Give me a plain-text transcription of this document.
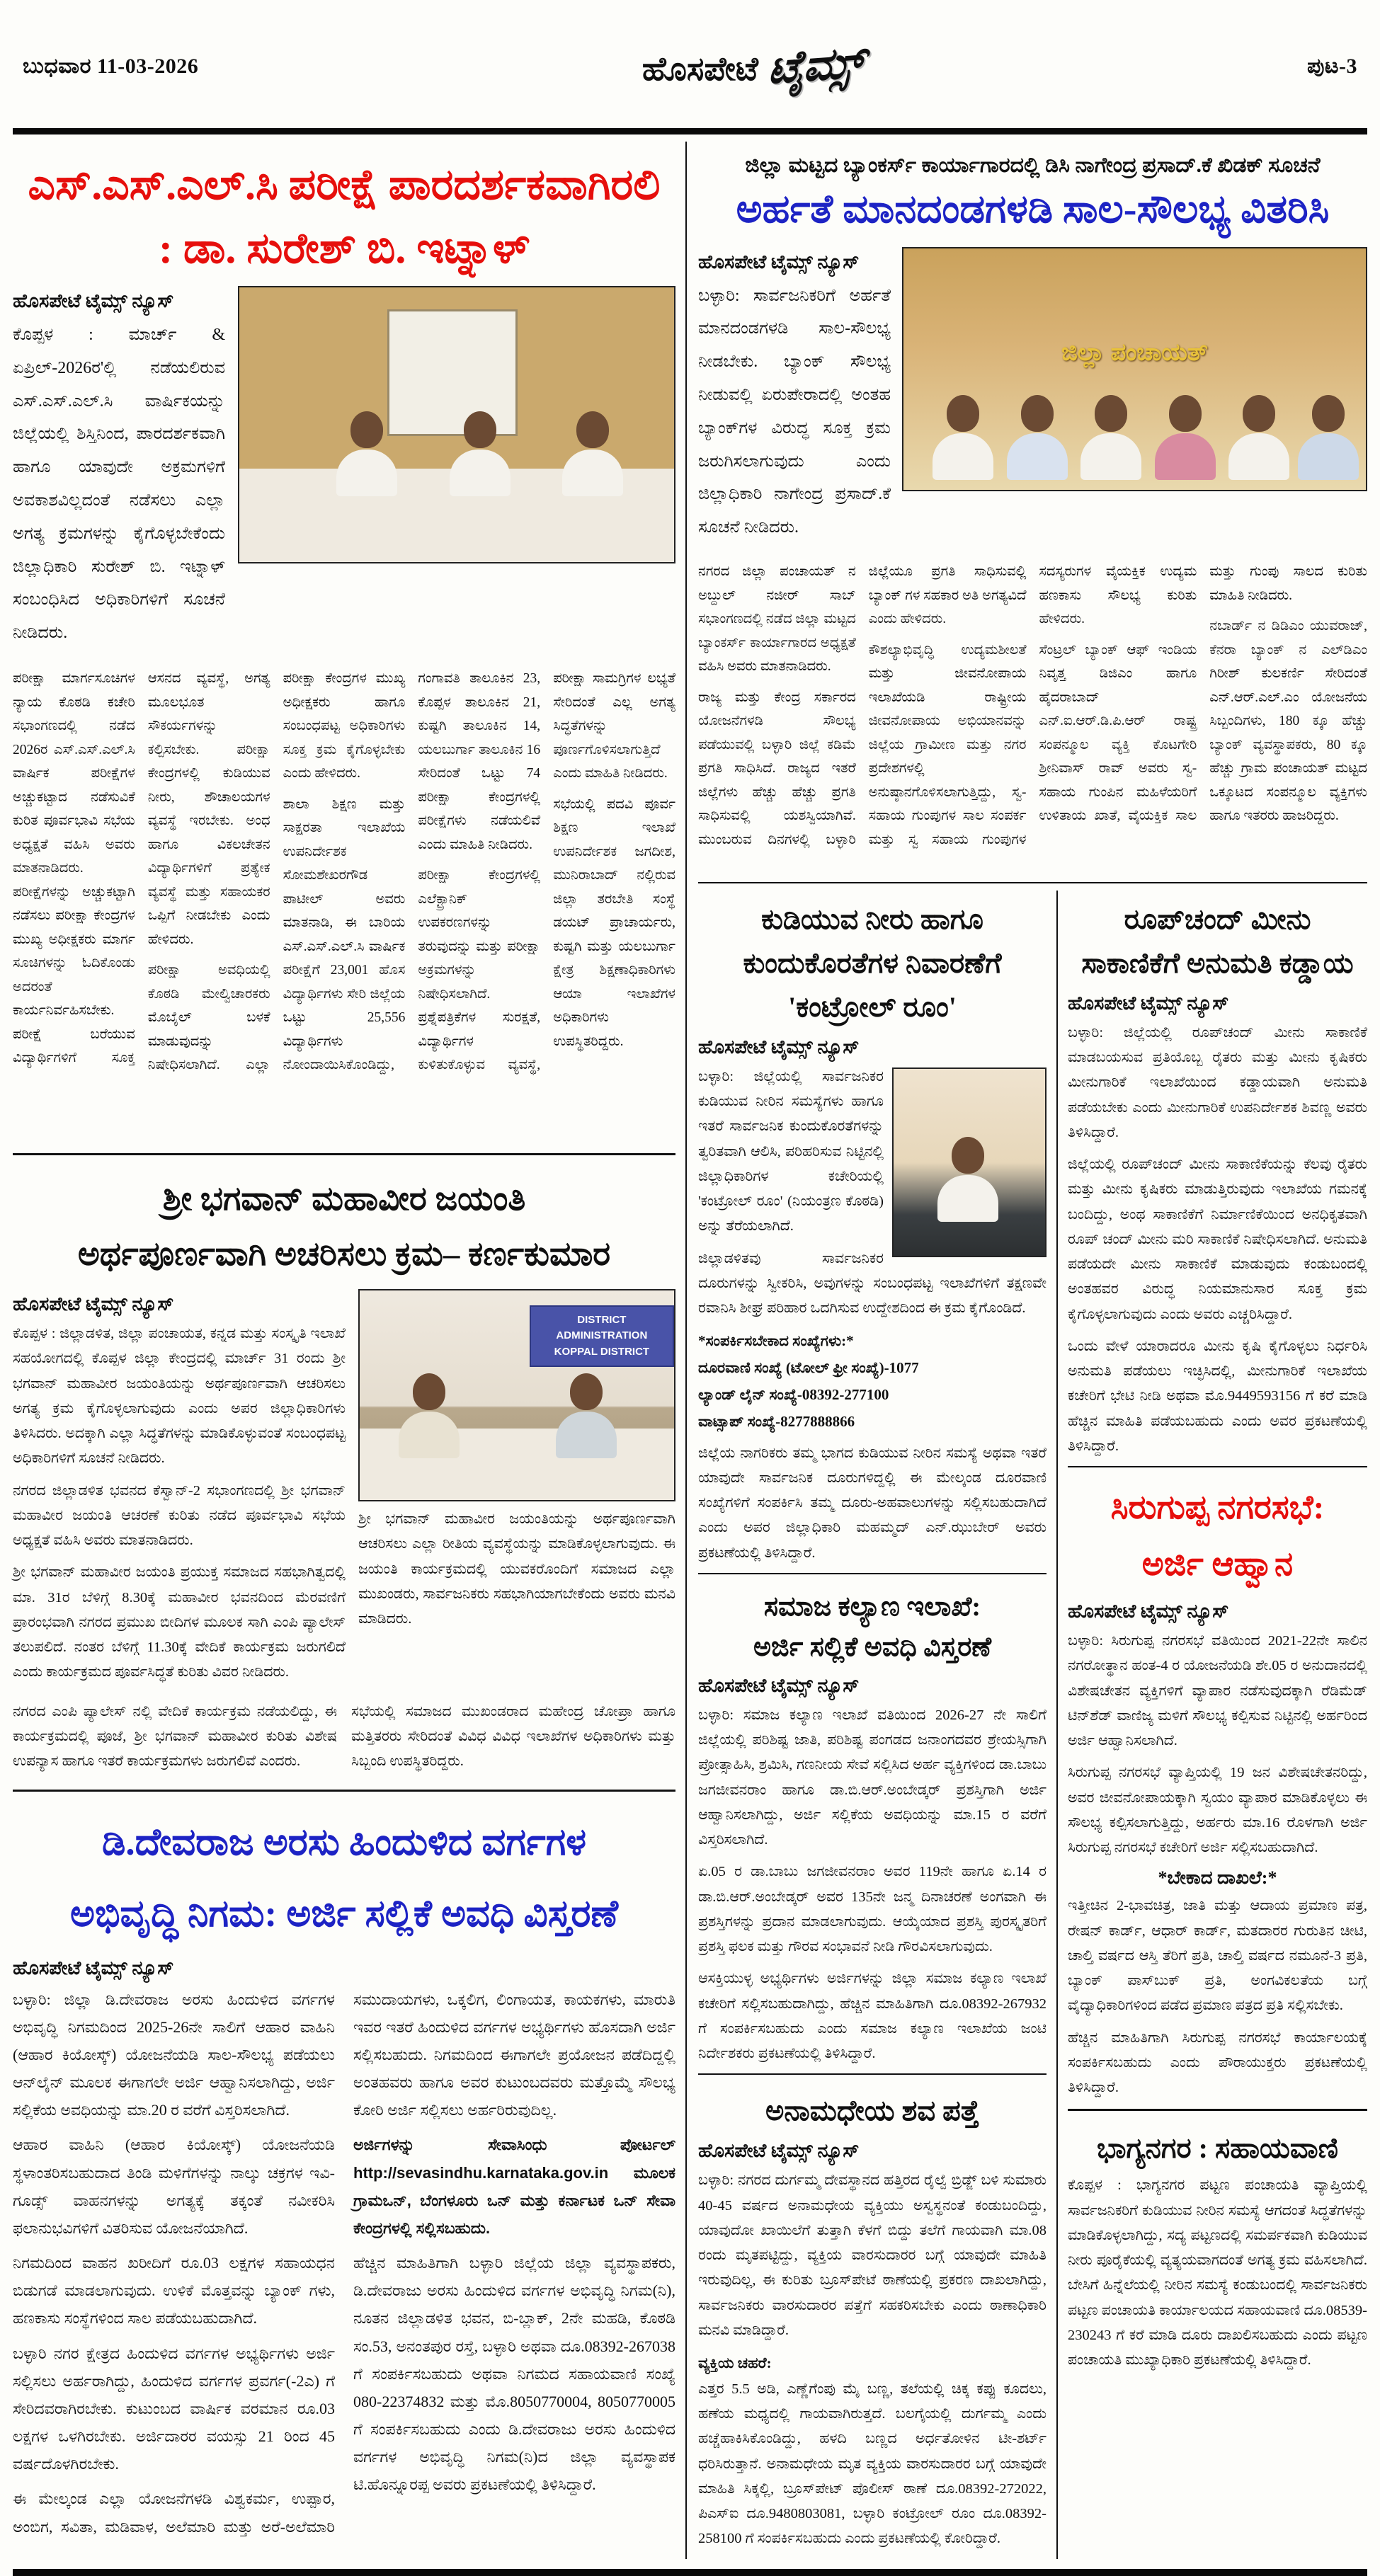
ಬುಧವಾರ 11-03-2026	ಹೊಸಪೇಟೆ ಟೈಮ್ಸ್	ಪುಟ-3
ಎಸ್.ಎಸ್.ಎಲ್.ಸಿ ಪರೀಕ್ಷೆ ಪಾರದರ್ಶಕವಾಗಿರಲಿ : ಡಾ. ಸುರೇಶ್ ಬಿ. ಇಟ್ನಾಳ್
ಹೊಸಪೇಟೆ ಟೈಮ್ಸ್ ನ್ಯೂಸ್

ಕೊಪ್ಪಳ : ಮಾರ್ಚ್ & ಏಪ್ರಿಲ್-2026ರ'ಲ್ಲಿ ನಡೆಯಲಿರುವ ಎಸ್.ಎಸ್.ಎಲ್.ಸಿ ವಾರ್ಷಿಕಯನ್ನು ಜಿಲ್ಲೆಯಲ್ಲಿ ಶಿಸ್ತಿನಿಂದ, ಪಾರದರ್ಶಕವಾಗಿ ಹಾಗೂ ಯಾವುದೇ ಅಕ್ರಮಗಳಿಗೆ ಅವಕಾಶವಿಲ್ಲದಂತೆ ನಡೆಸಲು ಎಲ್ಲಾ ಅಗತ್ಯ ಕ್ರಮಗಳನ್ನು ಕೈಗೊಳ್ಳಬೇಕೆಂದು ಜಿಲ್ಲಾಧಿಕಾರಿ ಸುರೇಶ್ ಬಿ. ಇಟ್ನಾಳ್ ಸಂಬಂಧಿಸಿದ ಅಧಿಕಾರಿಗಳಿಗೆ ಸೂಚನೆ ನೀಡಿದರು.

ಪರೀಕ್ಷಾ ಮಾರ್ಗಸೂಚಿಗಳ ನ್ಯಾಯ ಕೊಠಡಿ ಕಚೇರಿ ಸಭಾಂಗಣದಲ್ಲಿ ನಡೆದ 2026ರ ಎಸ್.ಎಸ್.ಎಲ್.ಸಿ ವಾರ್ಷಿಕ ಪರೀಕ್ಷೆಗಳ ಅಚ್ಚುಕಟ್ಟಾದ ನಡೆಸುವಿಕೆ ಕುರಿತ ಪೂರ್ವಭಾವಿ ಸಭೆಯ ಅಧ್ಯಕ್ಷತೆ ವಹಿಸಿ ಅವರು ಮಾತನಾಡಿದರು. ಪರೀಕ್ಷೆಗಳನ್ನು ಅಚ್ಚುಕಟ್ಟಾಗಿ ನಡೆಸಲು ಪರೀಕ್ಷಾ ಕೇಂದ್ರಗಳ ಮುಖ್ಯ ಅಧೀಕ್ಷಕರು ಮಾರ್ಗ ಸೂಚಿಗಳನ್ನು ಓದಿಕೊಂಡು ಅದರಂತೆ ಕಾರ್ಯನಿರ್ವಹಿಸಬೇಕು. ಪರೀಕ್ಷೆ ಬರೆಯುವ ವಿದ್ಯಾರ್ಥಿಗಳಿಗೆ ಸೂಕ್ತ ಆಸನದ ವ್ಯವಸ್ಥೆ, ಅಗತ್ಯ ಮೂಲಭೂತ ಸೌಕರ್ಯಗಳನ್ನು ಕಲ್ಪಿಸಬೇಕು. ಪರೀಕ್ಷಾ ಕೇಂದ್ರಗಳಲ್ಲಿ ಕುಡಿಯುವ ನೀರು, ಶೌಚಾಲಯಗಳ ವ್ಯವಸ್ಥೆ ಇರಬೇಕು. ಅಂಧ ಹಾಗೂ ವಿಕಲಚೇತನ ವಿದ್ಯಾರ್ಥಿಗಳಿಗೆ ಪ್ರತ್ಯೇಕ ವ್ಯವಸ್ಥೆ ಮತ್ತು ಸಹಾಯಕರ ಒಪ್ಪಿಗೆ ನೀಡಬೇಕು ಎಂದು ಹೇಳಿದರು.

ಪರೀಕ್ಷಾ ಅವಧಿಯಲ್ಲಿ ಕೊಠಡಿ ಮೇಲ್ವಿಚಾರಕರು ಮೊಬೈಲ್ ಬಳಕೆ ಮಾಡುವುದನ್ನು ನಿಷೇಧಿಸಲಾಗಿದೆ. ಎಲ್ಲಾ ಪರೀಕ್ಷಾ ಕೇಂದ್ರಗಳ ಮುಖ್ಯ ಅಧೀಕ್ಷಕರು ಹಾಗೂ ಸಂಬಂಧಪಟ್ಟ ಅಧಿಕಾರಿಗಳು ಸೂಕ್ತ ಕ್ರಮ ಕೈಗೊಳ್ಳಬೇಕು ಎಂದು ಹೇಳಿದರು.

ಶಾಲಾ ಶಿಕ್ಷಣ ಮತ್ತು ಸಾಕ್ಷರತಾ ಇಲಾಖೆಯ ಉಪನಿರ್ದೇಶಕ ಸೋಮಶೇಖರಗೌಡ ಪಾಟೀಲ್ ಅವರು ಮಾತನಾಡಿ, ಈ ಬಾರಿಯ ಎಸ್.ಎಸ್.ಎಲ್.ಸಿ ವಾರ್ಷಿಕ ಪರೀಕ್ಷೆಗೆ 23,001 ಹೊಸ ವಿದ್ಯಾರ್ಥಿಗಳು ಸೇರಿ ಜಿಲ್ಲೆಯ ಒಟ್ಟು 25,556 ವಿದ್ಯಾರ್ಥಿಗಳು ನೋಂದಾಯಿಸಿಕೊಂಡಿದ್ದು, ಗಂಗಾವತಿ ತಾಲೂಕಿನ 23, ಕೊಪ್ಪಳ ತಾಲೂಕಿನ 21, ಕುಷ್ಟಗಿ ತಾಲೂಕಿನ 14, ಯಲಬುರ್ಗಾ ತಾಲೂಕಿನ 16 ಸೇರಿದಂತೆ ಒಟ್ಟು 74 ಪರೀಕ್ಷಾ ಕೇಂದ್ರಗಳಲ್ಲಿ ಪರೀಕ್ಷೆಗಳು ನಡೆಯಲಿವೆ ಎಂದು ಮಾಹಿತಿ ನೀಡಿದರು.

ಪರೀಕ್ಷಾ ಕೇಂದ್ರಗಳಲ್ಲಿ ಎಲೆಕ್ಟ್ರಾನಿಕ್ ಉಪಕರಣಗಳನ್ನು ತರುವುದನ್ನು ಮತ್ತು ಪರೀಕ್ಷಾ ಅಕ್ರಮಗಳನ್ನು ನಿಷೇಧಿಸಲಾಗಿದೆ. ಪ್ರಶ್ನೆಪತ್ರಿಕೆಗಳ ಸುರಕ್ಷತೆ, ವಿದ್ಯಾರ್ಥಿಗಳ ಕುಳಿತುಕೊಳ್ಳುವ ವ್ಯವಸ್ಥೆ, ಪರೀಕ್ಷಾ ಸಾಮಗ್ರಿಗಳ ಲಭ್ಯತೆ ಸೇರಿದಂತೆ ಎಲ್ಲ ಅಗತ್ಯ ಸಿದ್ಧತೆಗಳನ್ನು ಪೂರ್ಣಗೊಳಿಸಲಾಗುತ್ತಿದೆ ಎಂದು ಮಾಹಿತಿ ನೀಡಿದರು.

ಸಭೆಯಲ್ಲಿ ಪದವಿ ಪೂರ್ವ ಶಿಕ್ಷಣ ಇಲಾಖೆ ಉಪನಿರ್ದೇಶಕ ಜಗದೀಶ, ಮುನಿರಾಬಾದ್ ನಲ್ಲಿರುವ ಜಿಲ್ಲಾ ತರಬೇತಿ ಸಂಸ್ಥೆ ಡಯಟ್ ಪ್ರಾಚಾರ್ಯರು, ಕುಷ್ಟಗಿ ಮತ್ತು ಯಲಬುರ್ಗಾ ಕ್ಷೇತ್ರ ಶಿಕ್ಷಣಾಧಿಕಾರಿಗಳು ಆಯಾ ಇಲಾಖೆಗಳ ಅಧಿಕಾರಿಗಳು ಉಪಸ್ಥಿತರಿದ್ದರು.

ಶ್ರೀ ಭಗವಾನ್ ಮಹಾವೀರ ಜಯಂತಿ
ಅರ್ಥಪೂರ್ಣವಾಗಿ ಅಚರಿಸಲು ಕ್ರಮ– ಕರ್ಣಕುಮಾರ
ಹೊಸಪೇಟೆ ಟೈಮ್ಸ್ ನ್ಯೂಸ್

ಕೊಪ್ಪಳ : ಜಿಲ್ಲಾಡಳಿತ, ಜಿಲ್ಲಾ ಪಂಚಾಯತ, ಕನ್ನಡ ಮತ್ತು ಸಂಸ್ಕೃತಿ ಇಲಾಖೆ ಸಹಯೋಗದಲ್ಲಿ ಕೊಪ್ಪಳ ಜಿಲ್ಲಾ ಕೇಂದ್ರದಲ್ಲಿ ಮಾರ್ಚ್ 31 ರಂದು ಶ್ರೀ ಭಗವಾನ್ ಮಹಾವೀರ ಜಯಂತಿಯನ್ನು ಅರ್ಥಪೂರ್ಣವಾಗಿ ಆಚರಿಸಲು ಅಗತ್ಯ ಕ್ರಮ ಕೈಗೊಳ್ಳಲಾಗುವುದು ಎಂದು ಅಪರ ಜಿಲ್ಲಾಧಿಕಾರಿಗಳು ತಿಳಿಸಿದರು. ಅದಕ್ಕಾಗಿ ಎಲ್ಲಾ ಸಿದ್ಧತೆಗಳನ್ನು ಮಾಡಿಕೊಳ್ಳುವಂತೆ ಸಂಬಂಧಪಟ್ಟ ಅಧಿಕಾರಿಗಳಿಗೆ ಸೂಚನೆ ನೀಡಿದರು.

ನಗರದ ಜಿಲ್ಲಾಡಳಿತ ಭವನದ ಕೆಸ್ವಾನ್-2 ಸಭಾಂಗಣದಲ್ಲಿ ಶ್ರೀ ಭಗವಾನ್ ಮಹಾವೀರ ಜಯಂತಿ ಆಚರಣೆ ಕುರಿತು ನಡೆದ ಪೂರ್ವಭಾವಿ ಸಭೆಯ ಅಧ್ಯಕ್ಷತೆ ವಹಿಸಿ ಅವರು ಮಾತನಾಡಿದರು.

ಶ್ರೀ ಭಗವಾನ್ ಮಹಾವೀರ ಜಯಂತಿ ಪ್ರಯುಕ್ತ ಸಮಾಜದ ಸಹಭಾಗಿತ್ವದಲ್ಲಿ ಮಾ. 31ರ ಬೆಳಿಗ್ಗೆ 8.30ಕ್ಕೆ ಮಹಾವೀರ ಭವನದಿಂದ ಮೆರವಣಿಗೆ ಪ್ರಾರಂಭವಾಗಿ ನಗರದ ಪ್ರಮುಖ ಬೀದಿಗಳ ಮೂಲಕ ಸಾಗಿ ಎಂಪಿ ಪ್ಯಾಲೇಸ್ ತಲುಪಲಿದೆ. ನಂತರ ಬೆಳಿಗ್ಗೆ 11.30ಕ್ಕೆ ವೇದಿಕೆ ಕಾರ್ಯಕ್ರಮ ಜರುಗಲಿದೆ ಎಂದು ಕಾರ್ಯಕ್ರಮದ ಪೂರ್ವಸಿದ್ಧತೆ ಕುರಿತು ವಿವರ ನೀಡಿದರು.

DISTRICT ADMINISTRATION KOPPAL DISTRICT

ಶ್ರೀ ಭಗವಾನ್ ಮಹಾವೀರ ಜಯಂತಿಯನ್ನು ಅರ್ಥಪೂರ್ಣವಾಗಿ ಆಚರಿಸಲು ಎಲ್ಲಾ ರೀತಿಯ ವ್ಯವಸ್ಥೆಯನ್ನು ಮಾಡಿಕೊಳ್ಳಲಾಗುವುದು. ಈ ಜಯಂತಿ ಕಾರ್ಯಕ್ರಮದಲ್ಲಿ ಯುವಕರೊಂದಿಗೆ ಸಮಾಜದ ಎಲ್ಲಾ ಮುಖಂಡರು, ಸಾರ್ವಜನಿಕರು ಸಹಭಾಗಿಯಾಗಬೇಕೆಂದು ಅವರು ಮನವಿ ಮಾಡಿದರು.

ನಗರದ ಎಂಪಿ ಪ್ಯಾಲೇಸ್ ನಲ್ಲಿ ವೇದಿಕೆ ಕಾರ್ಯಕ್ರಮ ನಡೆಯಲಿದ್ದು, ಈ ಕಾರ್ಯಕ್ರಮದಲ್ಲಿ ಪೂಜೆ, ಶ್ರೀ ಭಗವಾನ್ ಮಹಾವೀರ ಕುರಿತು ವಿಶೇಷ ಉಪನ್ಯಾಸ ಹಾಗೂ ಇತರೆ ಕಾರ್ಯಕ್ರಮಗಳು ಜರುಗಲಿವೆ ಎಂದರು.

ಸಭೆಯಲ್ಲಿ ಸಮಾಜದ ಮುಖಂಡರಾದ ಮಹೇಂದ್ರ ಚೋಪ್ರಾ ಹಾಗೂ ಮತ್ತಿತರರು ಸೇರಿದಂತೆ ವಿವಿಧ ವಿವಿಧ ಇಲಾಖೆಗಳ ಅಧಿಕಾರಿಗಳು ಮತ್ತು ಸಿಬ್ಬಂದಿ ಉಪಸ್ಥಿತರಿದ್ದರು.

ಡಿ.ದೇವರಾಜ ಅರಸು ಹಿಂದುಳಿದ ವರ್ಗಗಳ
ಅಭಿವೃದ್ಧಿ ನಿಗಮ: ಅರ್ಜಿ ಸಲ್ಲಿಕೆ ಅವಧಿ ವಿಸ್ತರಣೆ
ಹೊಸಪೇಟೆ ಟೈಮ್ಸ್ ನ್ಯೂಸ್

ಬಳ್ಳಾರಿ: ಜಿಲ್ಲಾ ಡಿ.ದೇವರಾಜ ಅರಸು ಹಿಂದುಳಿದ ವರ್ಗಗಳ ಅಭಿವೃದ್ಧಿ ನಿಗಮದಿಂದ 2025-26ನೇ ಸಾಲಿಗೆ ಆಹಾರ ವಾಹಿನಿ (ಆಹಾರ ಕಿಯೋಸ್ಕ್) ಯೋಜನೆಯಡಿ ಸಾಲ-ಸೌಲಭ್ಯ ಪಡೆಯಲು ಆನ್‌ಲೈನ್ ಮೂಲಕ ಈಗಾಗಲೇ ಅರ್ಜಿ ಆಹ್ವಾನಿಸಲಾಗಿದ್ದು, ಅರ್ಜಿ ಸಲ್ಲಿಕೆಯ ಅವಧಿಯನ್ನು ಮಾ.20 ರ ವರೆಗೆ ವಿಸ್ತರಿಸಲಾಗಿದೆ.

ಆಹಾರ ವಾಹಿನಿ (ಆಹಾರ ಕಿಯೋಸ್ಕ್) ಯೋಜನೆಯಡಿ ಸ್ಥಳಾಂತರಿಸಬಹುದಾದ ತಿಂಡಿ ಮಳಿಗೆಗಳನ್ನು ನಾಲ್ಕು ಚಕ್ರಗಳ ಇವಿ-ಗೂಡ್ಸ್ ವಾಹನಗಳನ್ನು ಅಗತ್ಯಕ್ಕೆ ತಕ್ಕಂತೆ ನವೀಕರಿಸಿ ಫಲಾನುಭವಿಗಳಿಗೆ ವಿತರಿಸುವ ಯೋಜನೆಯಾಗಿದೆ.

ನಿಗಮದಿಂದ ವಾಹನ ಖರೀದಿಗೆ ರೂ.03 ಲಕ್ಷಗಳ ಸಹಾಯಧನ ಬಿಡುಗಡೆ ಮಾಡಲಾಗುವುದು. ಉಳಿಕೆ ಮೊತ್ತವನ್ನು ಬ್ಯಾಂಕ್ ಗಳು, ಹಣಕಾಸು ಸಂಸ್ಥೆಗಳಿಂದ ಸಾಲ ಪಡೆಯಬಹುದಾಗಿದೆ.

ಬಳ್ಳಾರಿ ನಗರ ಕ್ಷೇತ್ರದ ಹಿಂದುಳಿದ ವರ್ಗಗಳ ಅಭ್ಯರ್ಥಿಗಳು ಅರ್ಜಿ ಸಲ್ಲಿಸಲು ಅರ್ಹರಾಗಿದ್ದು, ಹಿಂದುಳಿದ ವರ್ಗಗಳ ಪ್ರವರ್ಗ(-2ಎ) ಗೆ ಸೇರಿದವರಾಗಿರಬೇಕು. ಕುಟುಂಬದ ವಾರ್ಷಿಕ ವರಮಾನ ರೂ.03 ಲಕ್ಷಗಳ ಒಳಗಿರಬೇಕು. ಅರ್ಜಿದಾರರ ವಯಸ್ಸು 21 ರಿಂದ 45 ವರ್ಷದೊಳಗಿರಬೇಕು.

ಈ ಮೇಲ್ಕಂಡ ಎಲ್ಲಾ ಯೋಜನೆಗಳಡಿ ವಿಶ್ವಕರ್ಮ, ಉಪ್ಪಾರ, ಅಂಬಿಗ, ಸವಿತಾ, ಮಡಿವಾಳ, ಅಲೆಮಾರಿ ಮತ್ತು ಅರೆ-ಅಲೆಮಾರಿ ಸಮುದಾಯಗಳು, ಒಕ್ಕಲಿಗ, ಲಿಂಗಾಯತ, ಕಾಯಕಗಳು, ಮಾರುತಿ ಇವರ ಇತರೆ ಹಿಂದುಳಿದ ವರ್ಗಗಳ ಅಭ್ಯರ್ಥಿಗಳು ಹೊಸದಾಗಿ ಅರ್ಜಿ ಸಲ್ಲಿಸಬಹುದು. ನಿಗಮದಿಂದ ಈಗಾಗಲೇ ಪ್ರಯೋಜನ ಪಡೆದಿದ್ದಲ್ಲಿ ಅಂತಹವರು ಹಾಗೂ ಅವರ ಕುಟುಂಬದವರು ಮತ್ತೊಮ್ಮೆ ಸೌಲಭ್ಯ ಕೋರಿ ಅರ್ಜಿ ಸಲ್ಲಿಸಲು ಅರ್ಹರಿರುವುದಿಲ್ಲ.

ಅರ್ಜಿಗಳನ್ನು ಸೇವಾಸಿಂಧು ಪೋರ್ಟಲ್ http://sevasindhu.karnataka.gov.in ಮೂಲಕ ಗ್ರಾಮಒನ್, ಬೆಂಗಳೂರು ಒನ್ ಮತ್ತು ಕರ್ನಾಟಕ ಒನ್ ಸೇವಾ ಕೇಂದ್ರಗಳಲ್ಲಿ ಸಲ್ಲಿಸಬಹುದು.

ಹೆಚ್ಚಿನ ಮಾಹಿತಿಗಾಗಿ ಬಳ್ಳಾರಿ ಜಿಲ್ಲೆಯ ಜಿಲ್ಲಾ ವ್ಯವಸ್ಥಾಪಕರು, ಡಿ.ದೇವರಾಜು ಅರಸು ಹಿಂದುಳಿದ ವರ್ಗಗಳ ಅಭಿವೃದ್ಧಿ ನಿಗಮ(ನಿ), ನೂತನ ಜಿಲ್ಲಾಡಳಿತ ಭವನ, ಬಿ-ಬ್ಲಾಕ್, 2ನೇ ಮಹಡಿ, ಕೊಠಡಿ ಸಂ.53, ಅನಂತಪುರ ರಸ್ತೆ, ಬಳ್ಳಾರಿ ಅಥವಾ ದೂ.08392-267038 ಗೆ ಸಂಪರ್ಕಿಸಬಹುದು ಅಥವಾ ನಿಗಮದ ಸಹಾಯವಾಣಿ ಸಂಖ್ಯೆ 080-22374832 ಮತ್ತು ಮೊ.8050770004, 8050770005 ಗೆ ಸಂಪರ್ಕಿಸಬಹುದು ಎಂದು ಡಿ.ದೇವರಾಜು ಅರಸು ಹಿಂದುಳಿದ ವರ್ಗಗಳ ಅಭಿವೃದ್ಧಿ ನಿಗಮ(ನಿ)ದ ಜಿಲ್ಲಾ ವ್ಯವಸ್ಥಾಪಕ ಟಿ.ಹೊನ್ನೂರಪ್ಪ ಅವರು ಪ್ರಕಟಣೆಯಲ್ಲಿ ತಿಳಿಸಿದ್ದಾರೆ.

ಜಿಲ್ಲಾ ಮಟ್ಟದ ಬ್ಯಾಂಕರ್ಸ್ ಕಾರ್ಯಾಗಾರದಲ್ಲಿ ಡಿಸಿ ನಾಗೇಂದ್ರ ಪ್ರಸಾದ್.ಕೆ ಖಿಡಕ್ ಸೂಚನೆ
ಅರ್ಹತೆ ಮಾನದಂಡಗಳಡಿ ಸಾಲ-ಸೌಲಭ್ಯ ವಿತರಿಸಿ
ಹೊಸಪೇಟೆ ಟೈಮ್ಸ್ ನ್ಯೂಸ್

ಬಳ್ಳಾರಿ: ಸಾರ್ವಜನಿಕರಿಗೆ ಅರ್ಹತೆ ಮಾನದಂಡಗಳಡಿ ಸಾಲ-ಸೌಲಭ್ಯ ನೀಡಬೇಕು. ಬ್ಯಾಂಕ್ ಸೌಲಭ್ಯ ನೀಡುವಲ್ಲಿ ಏರುಪೇರಾದಲ್ಲಿ ಅಂತಹ ಬ್ಯಾಂಕ್‌ಗಳ ವಿರುದ್ಧ ಸೂಕ್ತ ಕ್ರಮ ಜರುಗಿಸಲಾಗುವುದು ಎಂದು ಜಿಲ್ಲಾಧಿಕಾರಿ ನಾಗೇಂದ್ರ ಪ್ರಸಾದ್.ಕೆ ಸೂಚನೆ ನೀಡಿದರು.

ಜಿಲ್ಲಾ ಪಂಚಾಯತ್

ನಗರದ ಜಿಲ್ಲಾ ಪಂಚಾಯತ್ ನ ಅಬ್ದುಲ್ ನಜೀರ್ ಸಾಬ್ ಸಭಾಂಗಣದಲ್ಲಿ ನಡೆದ ಜಿಲ್ಲಾ ಮಟ್ಟದ ಬ್ಯಾಂಕರ್ಸ್ ಕಾರ್ಯಾಗಾರದ ಅಧ್ಯಕ್ಷತೆ ವಹಿಸಿ ಅವರು ಮಾತನಾಡಿದರು.

ರಾಜ್ಯ ಮತ್ತು ಕೇಂದ್ರ ಸರ್ಕಾರದ ಯೋಜನೆಗಳಡಿ ಸೌಲಭ್ಯ ಪಡೆಯುವಲ್ಲಿ ಬಳ್ಳಾರಿ ಜಿಲ್ಲೆ ಕಡಿಮೆ ಪ್ರಗತಿ ಸಾಧಿಸಿದೆ. ರಾಜ್ಯದ ಇತರೆ ಜಿಲ್ಲೆಗಳು ಹೆಚ್ಚು ಹೆಚ್ಚು ಪ್ರಗತಿ ಸಾಧಿಸುವಲ್ಲಿ ಯಶಸ್ವಿಯಾಗಿವೆ. ಮುಂಬರುವ ದಿನಗಳಲ್ಲಿ ಬಳ್ಳಾರಿ ಜಿಲ್ಲೆಯೂ ಪ್ರಗತಿ ಸಾಧಿಸುವಲ್ಲಿ ಬ್ಯಾಂಕ್ ಗಳ ಸಹಕಾರ ಅತಿ ಅಗತ್ಯವಿದೆ ಎಂದು ಹೇಳಿದರು.

ಕೌಶಲ್ಯಾಭಿವೃದ್ಧಿ ಉದ್ಯಮಶೀಲತೆ ಮತ್ತು ಜೀವನೋಪಾಯ ಇಲಾಖೆಯಡಿ ರಾಷ್ಟ್ರೀಯ ಜೀವನೋಪಾಯ ಅಭಿಯಾನವನ್ನು ಜಿಲ್ಲೆಯ ಗ್ರಾಮೀಣ ಮತ್ತು ನಗರ ಪ್ರದೇಶಗಳಲ್ಲಿ ಅನುಷ್ಠಾನಗೊಳಿಸಲಾಗುತ್ತಿದ್ದು, ಸ್ವ-ಸಹಾಯ ಗುಂಪುಗಳ ಸಾಲ ಸಂಪರ್ಕ ಮತ್ತು ಸ್ವ ಸಹಾಯ ಗುಂಪುಗಳ ಸದಸ್ಯರುಗಳ ವೈಯಕ್ತಿಕ ಉದ್ಯಮ ಹಣಕಾಸು ಸೌಲಭ್ಯ ಕುರಿತು ಹೇಳಿದರು.

ಸೆಂಟ್ರಲ್ ಬ್ಯಾಂಕ್ ಆಫ್ ಇಂಡಿಯ ನಿವೃತ್ತ ಡಿಜಿಎಂ ಹಾಗೂ ಹೈದರಾಬಾದ್ ಎನ್.ಐ.ಆರ್.ಡಿ.ಪಿ.ಆರ್ ರಾಷ್ಟ್ರ ಸಂಪನ್ಮೂಲ ವ್ಯಕ್ತಿ ಕೊಟಗೇರಿ ಶ್ರೀನಿವಾಸ್ ರಾವ್ ಅವರು ಸ್ವ-ಸಹಾಯ ಗುಂಪಿನ ಮಹಿಳೆಯರಿಗೆ ಉಳಿತಾಯ ಖಾತೆ, ವೈಯಕ್ತಿಕ ಸಾಲ ಮತ್ತು ಗುಂಪು ಸಾಲದ ಕುರಿತು ಮಾಹಿತಿ ನೀಡಿದರು.

ನಬಾರ್ಡ್ ನ ಡಿಡಿಎಂ ಯುವರಾಜ್, ಕೆನರಾ ಬ್ಯಾಂಕ್ ನ ಎಲ್‌ಡಿಎಂ ಗಿರೀಶ್ ಕುಲಕರ್ಣಿ ಸೇರಿದಂತೆ ಎನ್.ಆರ್.ಎಲ್.ಎಂ ಯೋಜನೆಯ ಸಿಬ್ಬಂದಿಗಳು, 180 ಕ್ಕೂ ಹೆಚ್ಚು ಬ್ಯಾಂಕ್ ವ್ಯವಸ್ಥಾಪಕರು, 80 ಕ್ಕೂ ಹೆಚ್ಚು ಗ್ರಾಮ ಪಂಚಾಯತ್ ಮಟ್ಟದ ಒಕ್ಕೂಟದ ಸಂಪನ್ಮೂಲ ವ್ಯಕ್ತಿಗಳು ಹಾಗೂ ಇತರರು ಹಾಜರಿದ್ದರು.

ಕುಡಿಯುವ ನೀರು ಹಾಗೂ
ಕುಂದುಕೊರತೆಗಳ ನಿವಾರಣೆಗೆ
'ಕಂಟ್ರೋಲ್ ರೂಂ'
ಹೊಸಪೇಟೆ ಟೈಮ್ಸ್ ನ್ಯೂಸ್

ಬಳ್ಳಾರಿ: ಜಿಲ್ಲೆಯಲ್ಲಿ ಸಾರ್ವಜನಿಕರ ಕುಡಿಯುವ ನೀರಿನ ಸಮಸ್ಯೆಗಳು ಹಾಗೂ ಇತರೆ ಸಾರ್ವಜನಿಕ ಕುಂದುಕೊರತೆಗಳನ್ನು ತ್ವರಿತವಾಗಿ ಆಲಿಸಿ, ಪರಿಹರಿಸುವ ನಿಟ್ಟಿನಲ್ಲಿ ಜಿಲ್ಲಾಧಿಕಾರಿಗಳ ಕಚೇರಿಯಲ್ಲಿ 'ಕಂಟ್ರೋಲ್ ರೂಂ' (ನಿಯಂತ್ರಣ ಕೊಠಡಿ) ಅನ್ನು ತೆರೆಯಲಾಗಿದೆ.

ಜಿಲ್ಲಾಡಳಿತವು ಸಾರ್ವಜನಿಕರ ದೂರುಗಳನ್ನು ಸ್ವೀಕರಿಸಿ, ಅವುಗಳನ್ನು ಸಂಬಂಧಪಟ್ಟ ಇಲಾಖೆಗಳಿಗೆ ತಕ್ಷಣವೇ ರವಾನಿಸಿ ಶೀಘ್ರ ಪರಿಹಾರ ಒದಗಿಸುವ ಉದ್ದೇಶದಿಂದ ಈ ಕ್ರಮ ಕೈಗೊಂಡಿದೆ.

*ಸಂಪರ್ಕಿಸಬೇಕಾದ ಸಂಖ್ಯೆಗಳು:*
ದೂರವಾಣಿ ಸಂಖ್ಯೆ (ಟೋಲ್ ಫ್ರೀ ಸಂಖ್ಯೆ)-1077
ಲ್ಯಾಂಡ್ ಲೈನ್ ಸಂಖ್ಯೆ-08392-277100
ವಾಟ್ಸಾಪ್ ಸಂಖ್ಯೆ-8277888866

ಜಿಲ್ಲೆಯ ನಾಗರಿಕರು ತಮ್ಮ ಭಾಗದ ಕುಡಿಯುವ ನೀರಿನ ಸಮಸ್ಯೆ ಅಥವಾ ಇತರೆ ಯಾವುದೇ ಸಾರ್ವಜನಿಕ ದೂರುಗಳಿದ್ದಲ್ಲಿ ಈ ಮೇಲ್ಕಂಡ ದೂರವಾಣಿ ಸಂಖ್ಯೆಗಳಿಗೆ ಸಂಪರ್ಕಿಸಿ ತಮ್ಮ ದೂರು-ಅಹವಾಲುಗಳನ್ನು ಸಲ್ಲಿಸಬಹುದಾಗಿದೆ ಎಂದು ಅಪರ ಜಿಲ್ಲಾಧಿಕಾರಿ ಮಹಮ್ಮದ್ ಎನ್.ಝುಬೇರ್ ಅವರು ಪ್ರಕಟಣೆಯಲ್ಲಿ ತಿಳಿಸಿದ್ದಾರೆ.

ಸಮಾಜ ಕಲ್ಯಾಣ ಇಲಾಖೆ:
ಅರ್ಜಿ ಸಲ್ಲಿಕೆ ಅವಧಿ ವಿಸ್ತರಣೆ
ಹೊಸಪೇಟೆ ಟೈಮ್ಸ್ ನ್ಯೂಸ್

ಬಳ್ಳಾರಿ: ಸಮಾಜ ಕಲ್ಯಾಣ ಇಲಾಖೆ ವತಿಯಿಂದ 2026-27 ನೇ ಸಾಲಿಗೆ ಜಿಲ್ಲೆಯಲ್ಲಿ ಪರಿಶಿಷ್ಟ ಜಾತಿ, ಪರಿಶಿಷ್ಟ ಪಂಗಡದ ಜನಾಂಗದವರ ಶ್ರೇಯಸ್ಸಿಗಾಗಿ ಪ್ರೋತ್ಸಾಹಿಸಿ, ಶ್ರಮಿಸಿ, ಗಣನೀಯ ಸೇವೆ ಸಲ್ಲಿಸಿದ ಅರ್ಹ ವ್ಯಕ್ತಿಗಳಿಂದ ಡಾ.ಬಾಬು ಜಗಜೀವನರಾಂ ಹಾಗೂ ಡಾ.ಬಿ.ಆರ್.ಅಂಬೇಡ್ಕರ್ ಪ್ರಶಸ್ತಿಗಾಗಿ ಅರ್ಜಿ ಆಹ್ವಾನಿಸಲಾಗಿದ್ದು, ಅರ್ಜಿ ಸಲ್ಲಿಕೆಯ ಅವಧಿಯನ್ನು ಮಾ.15 ರ ವರೆಗೆ ವಿಸ್ತರಿಸಲಾಗಿದೆ.

ಏ.05 ರ ಡಾ.ಬಾಬು ಜಗಜೀವನರಾಂ ಅವರ 119ನೇ ಹಾಗೂ ಏ.14 ರ ಡಾ.ಬಿ.ಆರ್.ಅಂಬೇಡ್ಕರ್ ಅವರ 135ನೇ ಜನ್ಮ ದಿನಾಚರಣೆ ಅಂಗವಾಗಿ ಈ ಪ್ರಶಸ್ತಿಗಳನ್ನು ಪ್ರದಾನ ಮಾಡಲಾಗುವುದು. ಆಯ್ಕೆಯಾದ ಪ್ರಶಸ್ತಿ ಪುರಸ್ಕೃತರಿಗೆ ಪ್ರಶಸ್ತಿ ಫಲಕ ಮತ್ತು ಗೌರವ ಸಂಭಾವನೆ ನೀಡಿ ಗೌರವಿಸಲಾಗುವುದು.

ಆಸಕ್ತಿಯುಳ್ಳ ಅಭ್ಯರ್ಥಿಗಳು ಅರ್ಜಿಗಳನ್ನು ಜಿಲ್ಲಾ ಸಮಾಜ ಕಲ್ಯಾಣ ಇಲಾಖೆ ಕಚೇರಿಗೆ ಸಲ್ಲಿಸಬಹುದಾಗಿದ್ದು, ಹೆಚ್ಚಿನ ಮಾಹಿತಿಗಾಗಿ ದೂ.08392-267932 ಗೆ ಸಂಪರ್ಕಿಸಬಹುದು ಎಂದು ಸಮಾಜ ಕಲ್ಯಾಣ ಇಲಾಖೆಯ ಜಂಟಿ ನಿರ್ದೇಶಕರು ಪ್ರಕಟಣೆಯಲ್ಲಿ ತಿಳಿಸಿದ್ದಾರೆ.

ಅನಾಮಧೇಯ ಶವ ಪತ್ತೆ
ಹೊಸಪೇಟೆ ಟೈಮ್ಸ್ ನ್ಯೂಸ್

ಬಳ್ಳಾರಿ: ನಗರದ ದುರ್ಗಮ್ಮ ದೇವಸ್ಥಾನದ ಹತ್ತಿರದ ರೈಲ್ವೆ ಬ್ರಿಡ್ಜ್ ಬಳಿ ಸುಮಾರು 40-45 ವರ್ಷದ ಅನಾಮಧೇಯ ವ್ಯಕ್ತಿಯು ಅಸ್ವಸ್ಥನಂತೆ ಕಂಡುಬಂದಿದ್ದು, ಯಾವುದೋ ಖಾಯಿಲೆಗೆ ತುತ್ತಾಗಿ ಕೆಳಗೆ ಬಿದ್ದು ತಲೆಗೆ ಗಾಯವಾಗಿ ಮಾ.08 ರಂದು ಮೃತಪಟ್ಟಿದ್ದು, ವ್ಯಕ್ತಿಯ ವಾರಸುದಾರರ ಬಗ್ಗೆ ಯಾವುದೇ ಮಾಹಿತಿ ಇರುವುದಿಲ್ಲ, ಈ ಕುರಿತು ಬ್ರೂಸ್‌ಪೇಟೆ ಠಾಣೆಯಲ್ಲಿ ಪ್ರಕರಣ ದಾಖಲಾಗಿದ್ದು, ಸಾರ್ವಜನಿಕರು ವಾರಸುದಾರರ ಪತ್ತೆಗೆ ಸಹಕರಿಸಬೇಕು ಎಂದು ಠಾಣಾಧಿಕಾರಿ ಮನವಿ ಮಾಡಿದ್ದಾರೆ.

ವ್ಯಕ್ತಿಯ ಚಹರೆ:

ಎತ್ತರ 5.5 ಅಡಿ, ಎಣ್ಣೆಗೆಂಪು ಮೈ ಬಣ್ಣ, ತಲೆಯಲ್ಲಿ ಚಿಕ್ಕ ಕಪ್ಪು ಕೂದಲು, ಹಣೆಯ ಮಧ್ಯದಲ್ಲಿ ಗಾಯವಾಗಿರುತ್ತದೆ. ಬಲಗೈಯಲ್ಲಿ ದುರ್ಗಮ್ಮ ಎಂದು ಹಚ್ಚೆಹಾಕಿಸಿಕೊಂಡಿದ್ದು, ಹಳದಿ ಬಣ್ಣದ ಅರ್ಧತೋಳಿನ ಟೀ-ಶರ್ಟ್ ಧರಿಸಿರುತ್ತಾನೆ. ಅನಾಮಧೇಯ ಮೃತ ವ್ಯಕ್ತಿಯ ವಾರಸುದಾರರ ಬಗ್ಗೆ ಯಾವುದೇ ಮಾಹಿತಿ ಸಿಕ್ಕಲ್ಲಿ, ಬ್ರೂಸ್‌ಪೇಟ್ ಪೊಲೀಸ್ ಠಾಣೆ ದೂ.08392-272022, ಪಿಎಸ್‌ಐ ದೂ.9480803081, ಬಳ್ಳಾರಿ ಕಂಟ್ರೋಲ್ ರೂಂ ದೂ.08392-258100 ಗೆ ಸಂಪರ್ಕಿಸಬಹುದು ಎಂದು ಪ್ರಕಟಣೆಯಲ್ಲಿ ಕೋರಿದ್ದಾರೆ.

ರೂಪ್‌ಚಂದ್ ಮೀನು
ಸಾಕಾಣಿಕೆಗೆ ಅನುಮತಿ ಕಡ್ಡಾಯ
ಹೊಸಪೇಟೆ ಟೈಮ್ಸ್ ನ್ಯೂಸ್

ಬಳ್ಳಾರಿ: ಜಿಲ್ಲೆಯಲ್ಲಿ ರೂಪ್‌ಚಂದ್ ಮೀನು ಸಾಕಾಣಿಕೆ ಮಾಡಬಯಸುವ ಪ್ರತಿಯೊಬ್ಬ ರೈತರು ಮತ್ತು ಮೀನು ಕೃಷಿಕರು ಮೀನುಗಾರಿಕೆ ಇಲಾಖೆಯಿಂದ ಕಡ್ಡಾಯವಾಗಿ ಅನುಮತಿ ಪಡೆಯಬೇಕು ಎಂದು ಮೀನುಗಾರಿಕೆ ಉಪನಿರ್ದೇಶಕ ಶಿವಣ್ಣ ಅವರು ತಿಳಿಸಿದ್ದಾರೆ.

ಜಿಲ್ಲೆಯಲ್ಲಿ ರೂಪ್‌ಚಂದ್ ಮೀನು ಸಾಕಾಣಿಕೆಯನ್ನು ಕೆಲವು ರೈತರು ಮತ್ತು ಮೀನು ಕೃಷಿಕರು ಮಾಡುತ್ತಿರುವುದು ಇಲಾಖೆಯ ಗಮನಕ್ಕೆ ಬಂದಿದ್ದು, ಅಂಥ ಸಾಕಾಣಿಕೆಗೆ ನಿರ್ಮಾಣಿಕೆಯಿಂದ ಅನಧಿಕೃತವಾಗಿ ರೂಪ್ ಚಂದ್ ಮೀನು ಮರಿ ಸಾಕಾಣಿಕೆ ನಿಷೇಧಿಸಲಾಗಿದೆ. ಅನುಮತಿ ಪಡೆಯದೇ ಮೀನು ಸಾಕಾಣಿಕೆ ಮಾಡುವುದು ಕಂಡುಬಂದಲ್ಲಿ ಅಂತಹವರ ವಿರುದ್ಧ ನಿಯಮಾನುಸಾರ ಸೂಕ್ತ ಕ್ರಮ ಕೈಗೊಳ್ಳಲಾಗುವುದು ಎಂದು ಅವರು ಎಚ್ಚರಿಸಿದ್ದಾರೆ.

ಒಂದು ವೇಳೆ ಯಾರಾದರೂ ಮೀನು ಕೃಷಿ ಕೈಗೊಳ್ಳಲು ನಿರ್ಧರಿಸಿ ಅನುಮತಿ ಪಡೆಯಲು ಇಚ್ಛಿಸಿದಲ್ಲಿ, ಮೀನುಗಾರಿಕೆ ಇಲಾಖೆಯ ಕಚೇರಿಗೆ ಭೇಟಿ ನೀಡಿ ಅಥವಾ ಮೊ.9449593156 ಗೆ ಕರೆ ಮಾಡಿ ಹೆಚ್ಚಿನ ಮಾಹಿತಿ ಪಡೆಯಬಹುದು ಎಂದು ಅವರ ಪ್ರಕಟಣೆಯಲ್ಲಿ ತಿಳಿಸಿದ್ದಾರೆ.

ಸಿರುಗುಪ್ಪ ನಗರಸಭೆ:
ಅರ್ಜಿ ಆಹ್ವಾನ
ಹೊಸಪೇಟೆ ಟೈಮ್ಸ್ ನ್ಯೂಸ್

ಬಳ್ಳಾರಿ: ಸಿರುಗುಪ್ಪ ನಗರಸಭೆ ವತಿಯಿಂದ 2021-22ನೇ ಸಾಲಿನ ನಗರೋತ್ಥಾನ ಹಂತ-4 ರ ಯೋಜನೆಯಡಿ ಶೇ.05 ರ ಅನುದಾನದಲ್ಲಿ ವಿಶೇಷಚೇತನ ವ್ಯಕ್ತಿಗಳಿಗೆ ವ್ಯಾಪಾರ ನಡೆಸುವುದಕ್ಕಾಗಿ ರೆಡಿಮೆಡ್ ಟಿನ್‌ಶೆಡ್ ವಾಣಿಜ್ಯ ಮಳಿಗೆ ಸೌಲಭ್ಯ ಕಲ್ಪಿಸುವ ನಿಟ್ಟಿನಲ್ಲಿ ಅರ್ಹರಿಂದ ಅರ್ಜಿ ಆಹ್ವಾನಿಸಲಾಗಿದೆ.

ಸಿರುಗುಪ್ಪ ನಗರಸಭೆ ವ್ಯಾಪ್ತಿಯಲ್ಲಿ 19 ಜನ ವಿಶೇಷಚೇತನರಿದ್ದು, ಅವರ ಜೀವನೋಪಾಯಕ್ಕಾಗಿ ಸ್ವಯಂ ವ್ಯಾಪಾರ ಮಾಡಿಕೊಳ್ಳಲು ಈ ಸೌಲಭ್ಯ ಕಲ್ಪಿಸಲಾಗುತ್ತಿದ್ದು, ಅರ್ಹರು ಮಾ.16 ರೊಳಗಾಗಿ ಅರ್ಜಿ ಸಿರುಗುಪ್ಪ ನಗರಸಭೆ ಕಚೇರಿಗೆ ಅರ್ಜಿ ಸಲ್ಲಿಸಬಹುದಾಗಿದೆ.

*ಬೇಕಾದ ದಾಖಲೆ:*

ಇತ್ತೀಚಿನ 2-ಭಾವಚಿತ್ರ, ಜಾತಿ ಮತ್ತು ಆದಾಯ ಪ್ರಮಾಣ ಪತ್ರ, ರೇಷನ್ ಕಾರ್ಡ್, ಆಧಾರ್ ಕಾರ್ಡ್, ಮತದಾರರ ಗುರುತಿನ ಚೀಟಿ, ಚಾಲ್ತಿ ವರ್ಷದ ಆಸ್ತಿ ತೆರಿಗೆ ಪ್ರತಿ, ಚಾಲ್ತಿ ವರ್ಷದ ನಮೂನೆ-3 ಪ್ರತಿ, ಬ್ಯಾಂಕ್ ಪಾಸ್‌ಬುಕ್ ಪ್ರತಿ, ಅಂಗವಿಕಲತೆಯ ಬಗ್ಗೆ ವೈದ್ಯಾಧಿಕಾರಿಗಳಿಂದ ಪಡೆದ ಪ್ರಮಾಣ ಪತ್ರದ ಪ್ರತಿ ಸಲ್ಲಿಸಬೇಕು.

ಹೆಚ್ಚಿನ ಮಾಹಿತಿಗಾಗಿ ಸಿರುಗುಪ್ಪ ನಗರಸಭೆ ಕಾರ್ಯಾಲಯಕ್ಕೆ ಸಂಪರ್ಕಿಸಬಹುದು ಎಂದು ಪೌರಾಯುಕ್ತರು ಪ್ರಕಟಣೆಯಲ್ಲಿ ತಿಳಿಸಿದ್ದಾರೆ.

ಭಾಗ್ಯನಗರ : ಸಹಾಯವಾಣಿ

ಕೊಪ್ಪಳ : ಭಾಗ್ಯನಗರ ಪಟ್ಟಣ ಪಂಚಾಯತಿ ವ್ಯಾಪ್ತಿಯಲ್ಲಿ ಸಾರ್ವಜನಿಕರಿಗೆ ಕುಡಿಯುವ ನೀರಿನ ಸಮಸ್ಯೆ ಆಗದಂತೆ ಸಿದ್ಧತೆಗಳನ್ನು ಮಾಡಿಕೊಳ್ಳಲಾಗಿದ್ದು, ಸದ್ಯ ಪಟ್ಟಣದಲ್ಲಿ ಸಮರ್ಪಕವಾಗಿ ಕುಡಿಯುವ ನೀರು ಪೂರೈಕೆಯಲ್ಲಿ ವ್ಯತ್ಯಯವಾಗದಂತೆ ಅಗತ್ಯ ಕ್ರಮ ವಹಿಸಲಾಗಿದೆ. ಬೇಸಿಗೆ ಹಿನ್ನೆಲೆಯಲ್ಲಿ ನೀರಿನ ಸಮಸ್ಯೆ ಕಂಡುಬಂದಲ್ಲಿ ಸಾರ್ವಜನಿಕರು ಪಟ್ಟಣ ಪಂಚಾಯತಿ ಕಾರ್ಯಾಲಯದ ಸಹಾಯವಾಣಿ ದೂ.08539-230243 ಗೆ ಕರೆ ಮಾಡಿ ದೂರು ದಾಖಲಿಸಬಹುದು ಎಂದು ಪಟ್ಟಣ ಪಂಚಾಯತಿ ಮುಖ್ಯಾಧಿಕಾರಿ ಪ್ರಕಟಣೆಯಲ್ಲಿ ತಿಳಿಸಿದ್ದಾರೆ.
